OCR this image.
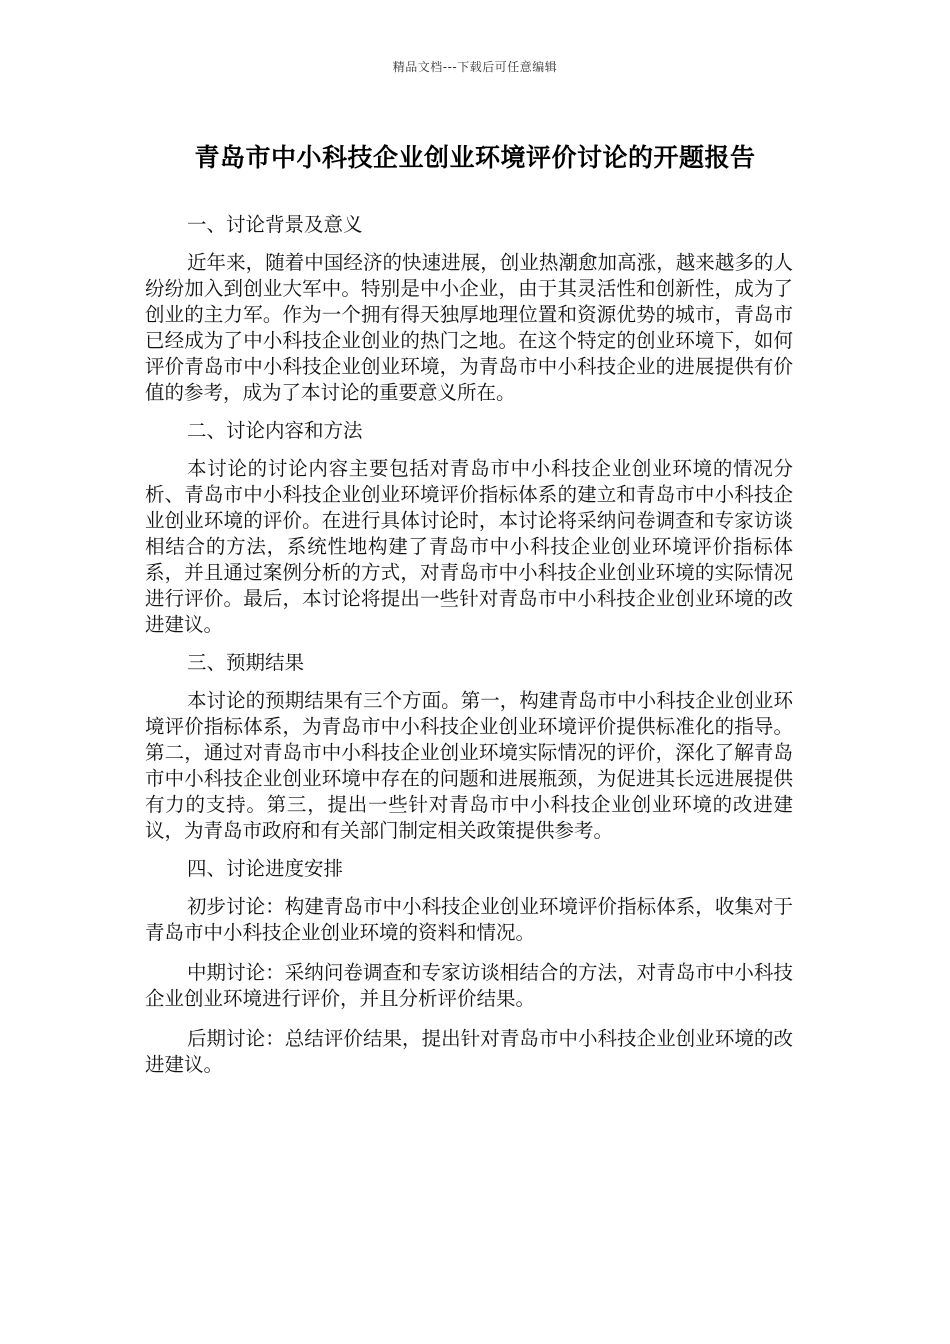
精品文档---下载后可任意编辑
青岛市中小科技企业创业环境评价讨论的开题报告
一、讨论背景及意义

近年来，随着中国经济的快速进展，创业热潮愈加高涨，越来越多的人纷纷加入到创业大军中。特别是中小企业，由于其灵活性和创新性，成为了创业的主力军。作为一个拥有得天独厚地理位置和资源优势的城市，青岛市已经成为了中小科技企业创业的热门之地。在这个特定的创业环境下，如何评价青岛市中小科技企业创业环境，为青岛市中小科技企业的进展提供有价值的参考，成为了本讨论的重要意义所在。

二、讨论内容和方法

本讨论的讨论内容主要包括对青岛市中小科技企业创业环境的情况分析、青岛市中小科技企业创业环境评价指标体系的建立和青岛市中小科技企业创业环境的评价。在进行具体讨论时，本讨论将采纳问卷调查和专家访谈相结合的方法，系统性地构建了青岛市中小科技企业创业环境评价指标体系，并且通过案例分析的方式，对青岛市中小科技企业创业环境的实际情况进行评价。最后，本讨论将提出一些针对青岛市中小科技企业创业环境的改进建议。

三、预期结果

本讨论的预期结果有三个方面。第一，构建青岛市中小科技企业创业环境评价指标体系，为青岛市中小科技企业创业环境评价提供标准化的指导。第二，通过对青岛市中小科技企业创业环境实际情况的评价，深化了解青岛市中小科技企业创业环境中存在的问题和进展瓶颈，为促进其长远进展提供有力的支持。第三，提出一些针对青岛市中小科技企业创业环境的改进建议，为青岛市政府和有关部门制定相关政策提供参考。

四、讨论进度安排

初步讨论：构建青岛市中小科技企业创业环境评价指标体系，收集对于青岛市中小科技企业创业环境的资料和情况。

中期讨论：采纳问卷调查和专家访谈相结合的方法，对青岛市中小科技企业创业环境进行评价，并且分析评价结果。

后期讨论：总结评价结果，提出针对青岛市中小科技企业创业环境的改进建议。
